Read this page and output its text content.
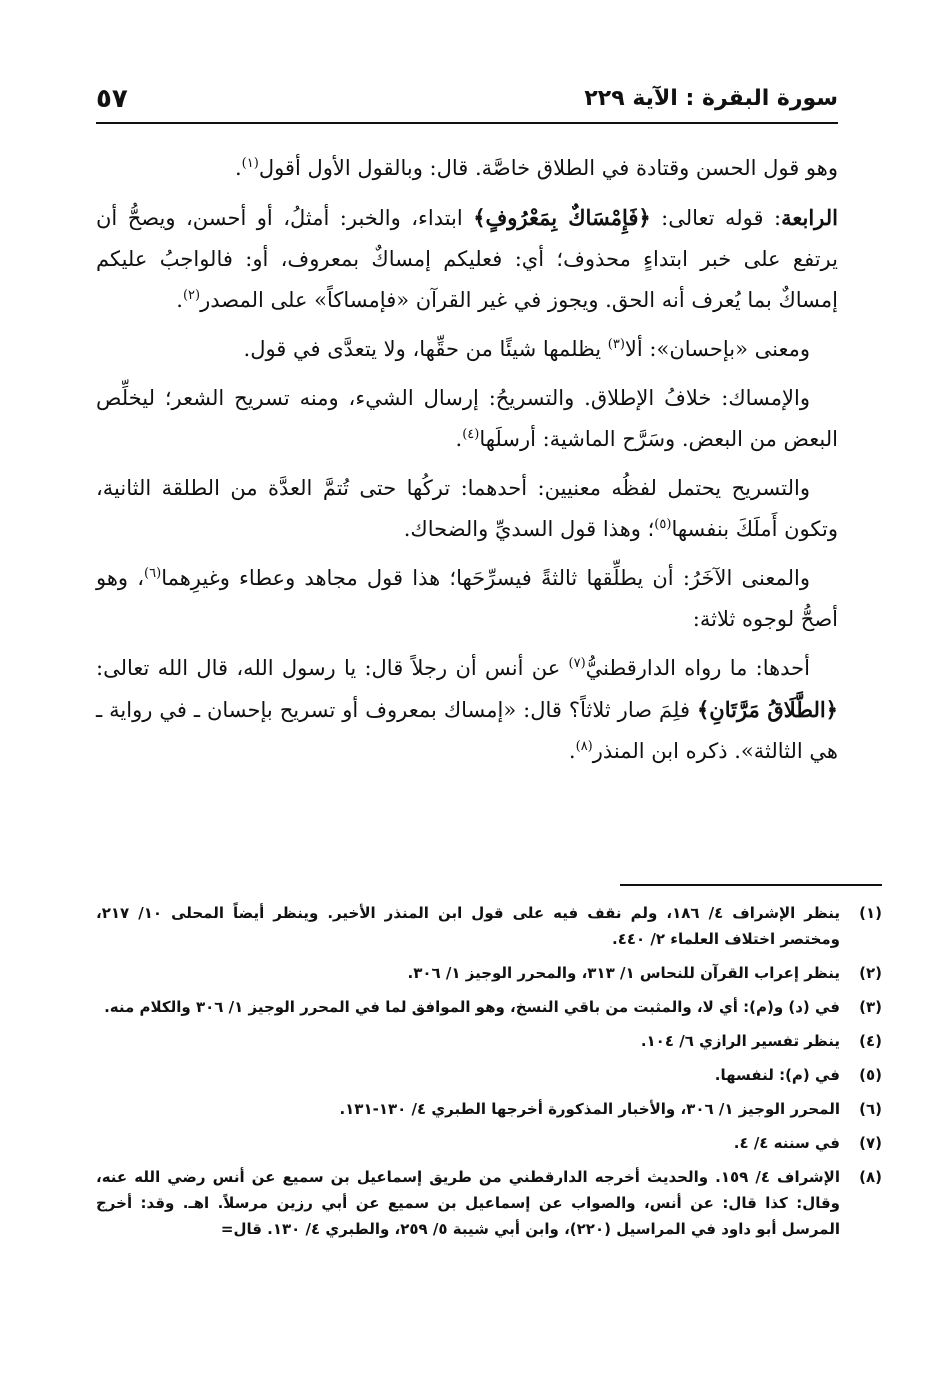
سورة البقرة : الآية ٢٢٩
٥٧

وهو قول الحسن وقتادة في الطلاق خاصَّة. قال: وبالقول الأول أقول$^{(١)}$.

الرابعة: قوله تعالى: ﴿فَإِمْسَاكٌ بِمَعْرُوفٍ﴾ ابتداء، والخبر: أمثلُ، أو أحسن، ويصحُّ أن يرتفع على خبر ابتداءٍ محذوف؛ أي: فعليكم إمساكٌ بمعروف، أو: فالواجبُ عليكم إمساكٌ بما يُعرف أنه الحق. ويجوز في غير القرآن «فإمساكاً» على المصدر$^{(٢)}$.

ومعنى «بإحسان»: ألا$^{(٣)}$ يظلمها شيئًا من حقِّها، ولا يتعدَّى في قول.

والإمساك: خلافُ الإطلاق. والتسريحُ: إرسال الشيء، ومنه تسريح الشعر؛ ليخلِّص البعض من البعض. وسَرَّح الماشية: أرسلَها$^{(٤)}$.

والتسريح يحتمل لفظُه معنيين: أحدهما: تركُها حتى تُتمَّ العدَّة من الطلقة الثانية، وتكون أَملَكَ بنفسها$^{(٥)}$؛ وهذا قول السديِّ والضحاك.

والمعنى الآخَرُ: أن يطلِّقها ثالثةً فيسرِّحَها؛ هذا قول مجاهد وعطاء وغيرِهما$^{(٦)}$، وهو أصحُّ لوجوه ثلاثة:

أحدها: ما رواه الدارقطنيُّ$^{(٧)}$ عن أنس أن رجلاً قال: يا رسول الله، قال الله تعالى: ﴿الطَّلَاقُ مَرَّتَانِ﴾ فلِمَ صار ثلاثاً؟ قال: «إمساك بمعروف أو تسريح بإحسان ـ في رواية ـ هي الثالثة». ذكره ابن المنذر$^{(٨)}$.

(١)
ينظر الإشراف ٤/ ١٨٦، ولم نقف فيه على قول ابن المنذر الأخير. وينظر أيضاً المحلى ١٠/ ٢١٧، ومختصر اختلاف العلماء ٢/ ٤٤٠.
(٢)
ينظر إعراب القرآن للنحاس ١/ ٣١٣، والمحرر الوجيز ١/ ٣٠٦.
(٣)
في (د) و(م): أي لا، والمثبت من باقي النسخ، وهو الموافق لما في المحرر الوجيز ١/ ٣٠٦ والكلام منه.
(٤)
ينظر تفسير الرازي ٦/ ١٠٤.
(٥)
في (م): لنفسها.
(٦)
المحرر الوجيز ١/ ٣٠٦، والأخبار المذكورة أخرجها الطبري ٤/ ١٣٠-١٣١.
(٧)
في سننه ٤/ ٤.
(٨)
الإشراف ٤/ ١٥٩. والحديث أخرجه الدارقطني من طريق إسماعيل بن سميع عن أنس رضي الله عنه، وقال: كذا قال: عن أنس، والصواب عن إسماعيل بن سميع عن أبي رزين مرسلاً. اهـ. وقد: أخرج المرسل أبو داود في المراسيل (٢٢٠)، وابن أبي شيبة ٥/ ٢٥٩، والطبري ٤/ ١٣٠. قال=
